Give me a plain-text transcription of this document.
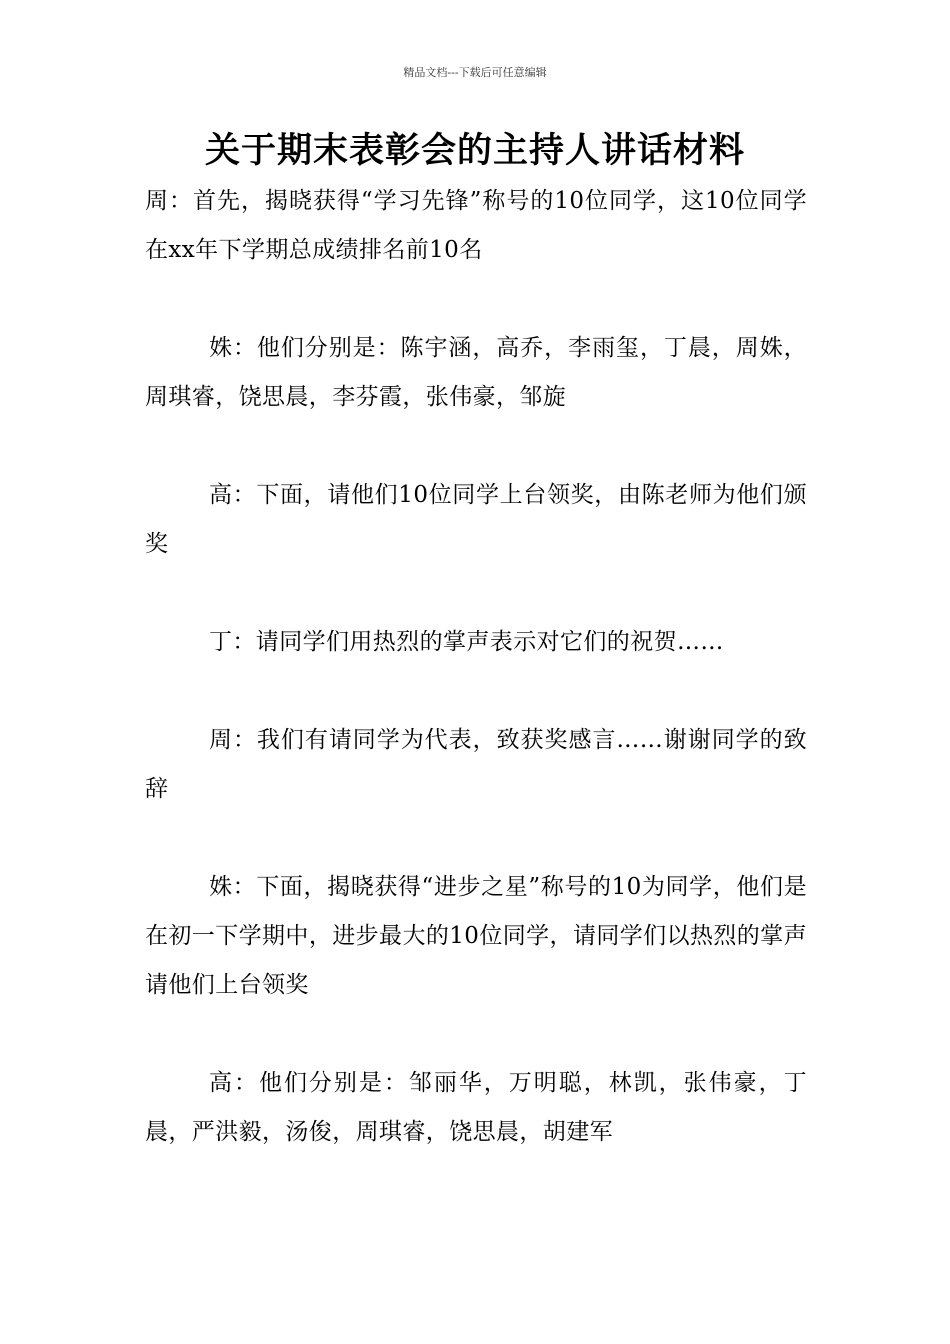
精品文档---下载后可任意编辑
关于期末表彰会的主持人讲话材料

周：首先，揭晓获得“学习先锋”称号的10位同学，这10位同学在xx年下学期总成绩排名前10名

姝：他们分别是：陈宇涵，高乔，李雨玺，丁晨，周姝，周琪睿，饶思晨，李芬霞，张伟豪，邹旋

高：下面，请他们10位同学上台领奖，由陈老师为他们颁奖

丁：请同学们用热烈的掌声表示对它们的祝贺……

周：我们有请同学为代表，致获奖感言……谢谢同学的致辞

姝：下面，揭晓获得“进步之星”称号的10为同学，他们是在初一下学期中，进步最大的10位同学，请同学们以热烈的掌声请他们上台领奖

高：他们分别是：邹丽华，万明聪，林凯，张伟豪，丁晨，严洪毅，汤俊，周琪睿，饶思晨，胡建军
